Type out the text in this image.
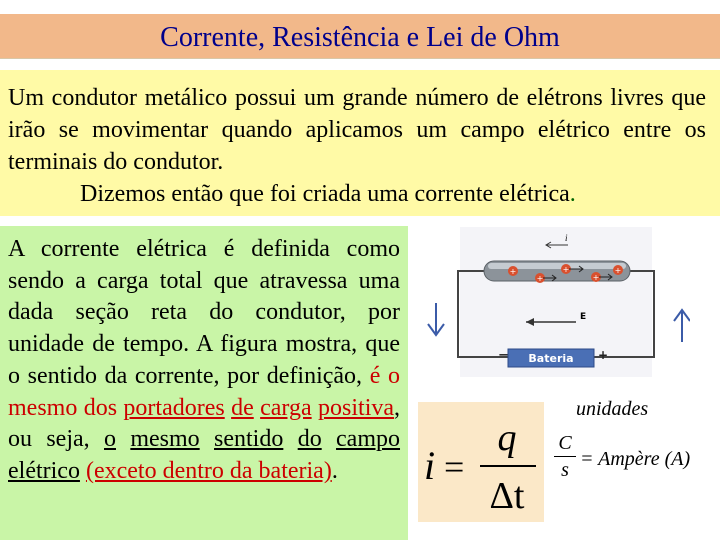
Corrente, Resistência e Lei de Ohm
Um condutor metálico possui um grande número de elétrons livres que irão se movimentar quando aplicamos um campo elétrico entre os terminais do condutor.
Dizemos então que foi criada uma corrente elétrica.
A corrente elétrica é definida como sendo a carga total que atravessa uma dada seção reta do condutor, por unidade de tempo. A figura mostra, que o sentido da corrente, por definição, é o mesmo dos portadores de carga positiva, ou seja, o mesmo sentido do campo elétrico (exceto dentro da bateria).
i
+
+
+
+
+
E
Bateria
−	+
i =
q
Δt
unidades
$\frac{C}{s}$ = Ampère (A)
